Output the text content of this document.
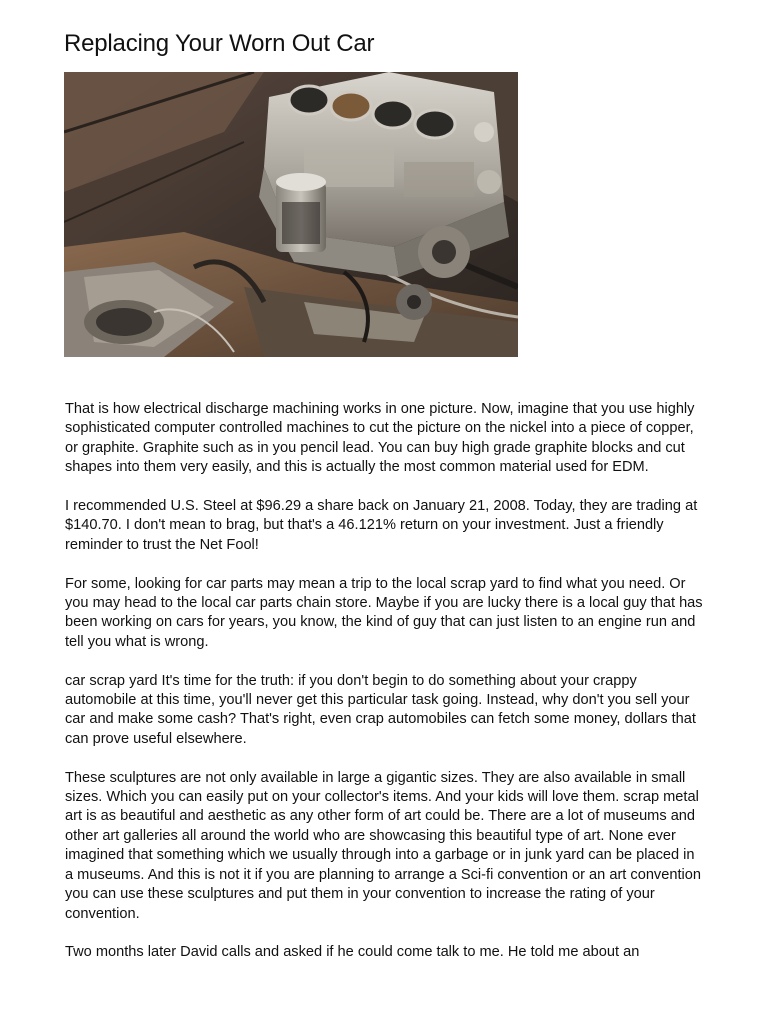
Replacing Your Worn Out Car

That is how electrical discharge machining works in one picture. Now, imagine that you use highly sophisticated computer controlled machines to cut the picture on the nickel into a piece of copper, or graphite. Graphite such as in you pencil lead. You can buy high grade graphite blocks and cut shapes into them very easily, and this is actually the most common material used for EDM.

I recommended U.S. Steel at $96.29 a share back on January 21, 2008. Today, they are trading at $140.70. I don't mean to brag, but that's a 46.121% return on your investment. Just a friendly reminder to trust the Net Fool!

For some, looking for car parts may mean a trip to the local scrap yard to find what you need. Or you may head to the local car parts chain store. Maybe if you are lucky there is a local guy that has been working on cars for years, you know, the kind of guy that can just listen to an engine run and tell you what is wrong.

car scrap yard It's time for the truth: if you don't begin to do something about your crappy automobile at this time, you'll never get this particular task going. Instead, why don't you sell your car and make some cash? That's right, even crap automobiles can fetch some money, dollars that can prove useful elsewhere.

These sculptures are not only available in large a gigantic sizes. They are also available in small sizes. Which you can easily put on your collector's items. And your kids will love them. scrap metal art is as beautiful and aesthetic as any other form of art could be. There are a lot of museums and other art galleries all around the world who are showcasing this beautiful type of art. None ever imagined that something which we usually through into a garbage or in junk yard can be placed in a museums. And this is not it if you are planning to arrange a Sci-fi convention or an art convention you can use these sculptures and put them in your convention to increase the rating of your convention.

Two months later David calls and asked if he could come talk to me. He told me about an
